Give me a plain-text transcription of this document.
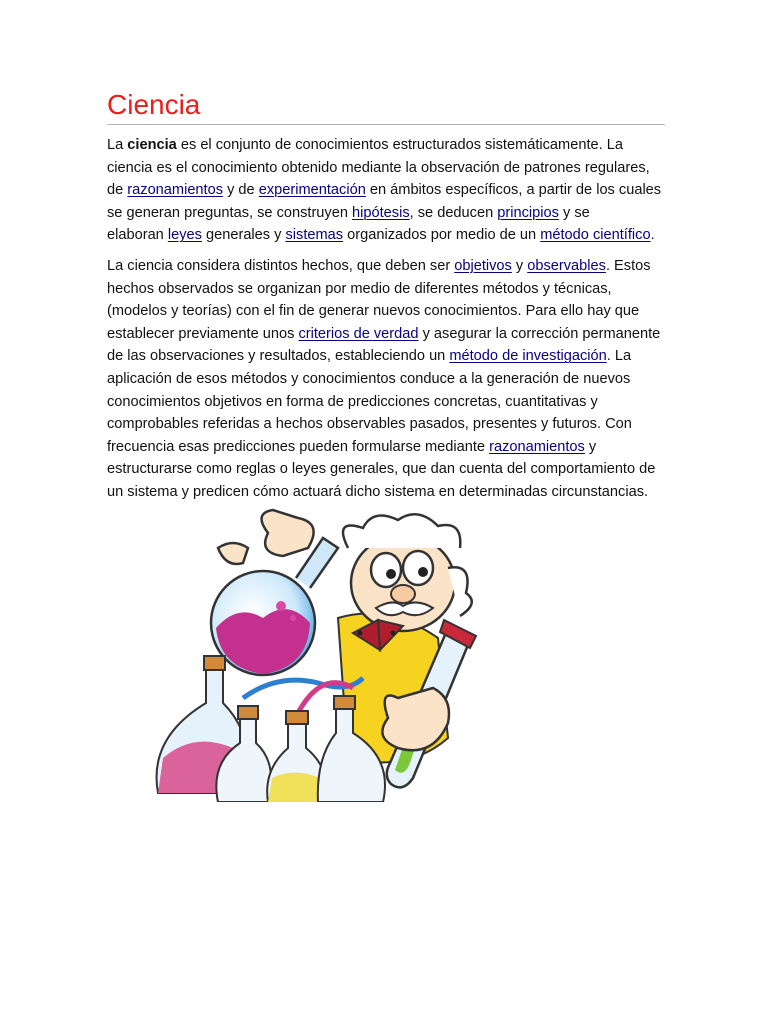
Ciencia

La ciencia es el conjunto de conocimientos estructurados sistemáticamente. La
ciencia es el conocimiento obtenido mediante la observación de patrones regulares,
de razonamientos y de experimentación en ámbitos específicos, a partir de los cuales
se generan preguntas, se construyen hipótesis, se deducen principios y se
elaboran leyes generales y sistemas organizados por medio de un método científico.

La ciencia considera distintos hechos, que deben ser objetivos y observables. Estos
hechos observados se organizan por medio de diferentes métodos y técnicas,
(modelos y teorías) con el fin de generar nuevos conocimientos. Para ello hay que
establecer previamente unos criterios de verdad y asegurar la corrección permanente
de las observaciones y resultados, estableciendo un método de investigación. La
aplicación de esos métodos y conocimientos conduce a la generación de nuevos
conocimientos objetivos en forma de predicciones concretas, cuantitativas y
comprobables referidas a hechos observables pasados, presentes y futuros. Con
frecuencia esas predicciones pueden formularse mediante razonamientos y
estructurarse como reglas o leyes generales, que dan cuenta del comportamiento de
un sistema y predicen cómo actuará dicho sistema en determinadas circunstancias.
